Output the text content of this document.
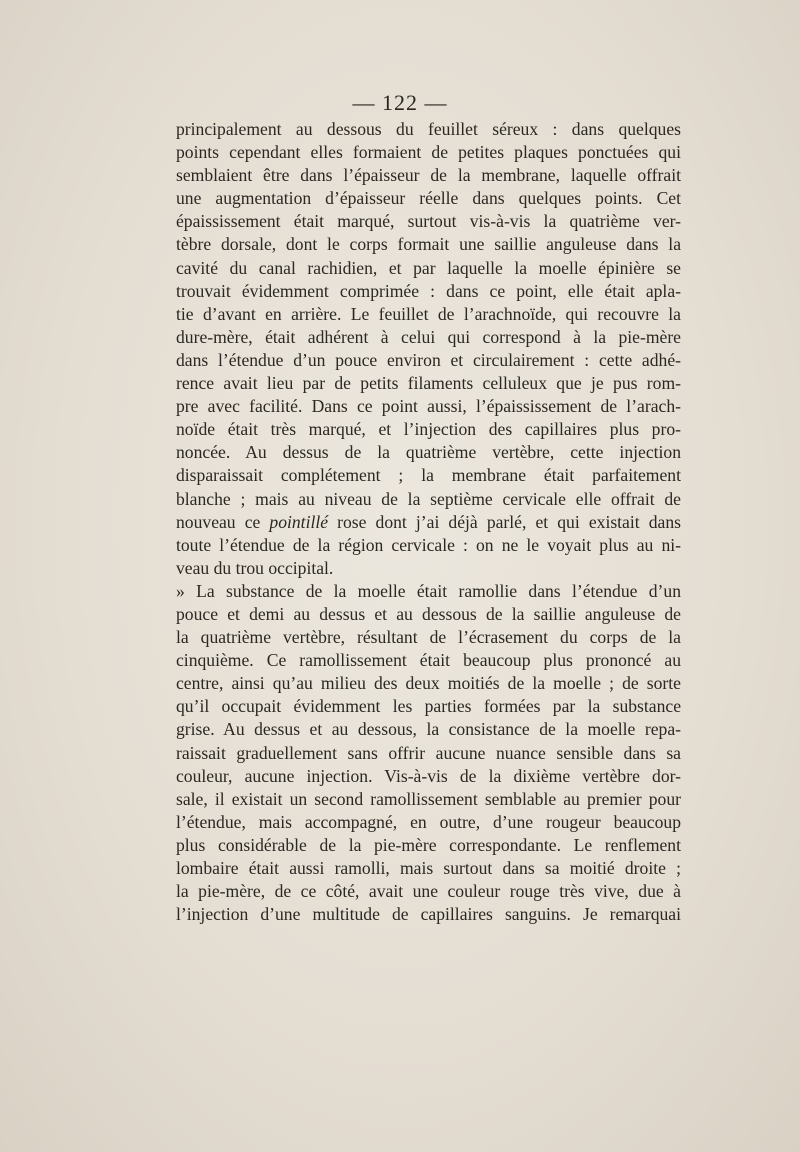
— 122 —
principalement au dessous du feuillet séreux : dans quelques
points cependant elles formaient de petites plaques ponctuées qui
semblaient être dans l’épaisseur de la membrane, laquelle offrait
une augmentation d’épaisseur réelle dans quelques points. Cet
épaississement était marqué, surtout vis-à-vis la quatrième ver-
tèbre dorsale, dont le corps formait une saillie anguleuse dans la
cavité du canal rachidien, et par laquelle la moelle épinière se
trouvait évidemment comprimée : dans ce point, elle était apla-
tie d’avant en arrière. Le feuillet de l’arachnoïde, qui recouvre la
dure-mère, était adhérent à celui qui correspond à la pie-mère
dans l’étendue d’un pouce environ et circulairement : cette adhé-
rence avait lieu par de petits filaments celluleux que je pus rom-
pre avec facilité. Dans ce point aussi, l’épaississement de l’arach-
noïde était très marqué, et l’injection des capillaires plus pro-
noncée. Au dessus de la quatrième vertèbre, cette injection
disparaissait complétement ; la membrane était parfaitement
blanche ; mais au niveau de la septième cervicale elle offrait de
nouveau ce pointillé rose dont j’ai déjà parlé, et qui existait dans
toute l’étendue de la région cervicale : on ne le voyait plus au ni-
veau du trou occipital.
» La substance de la moelle était ramollie dans l’étendue d’un
pouce et demi au dessus et au dessous de la saillie anguleuse de
la quatrième vertèbre, résultant de l’écrasement du corps de la
cinquième. Ce ramollissement était beaucoup plus prononcé au
centre, ainsi qu’au milieu des deux moitiés de la moelle ; de sorte
qu’il occupait évidemment les parties formées par la substance
grise. Au dessus et au dessous, la consistance de la moelle repa-
raissait graduellement sans offrir aucune nuance sensible dans sa
couleur, aucune injection. Vis-à-vis de la dixième vertèbre dor-
sale, il existait un second ramollissement semblable au premier pour
l’étendue, mais accompagné, en outre, d’une rougeur beaucoup
plus considérable de la pie-mère correspondante. Le renflement
lombaire était aussi ramolli, mais surtout dans sa moitié droite ;
la pie-mère, de ce côté, avait une couleur rouge très vive, due à
l’injection d’une multitude de capillaires sanguins. Je remarquai
